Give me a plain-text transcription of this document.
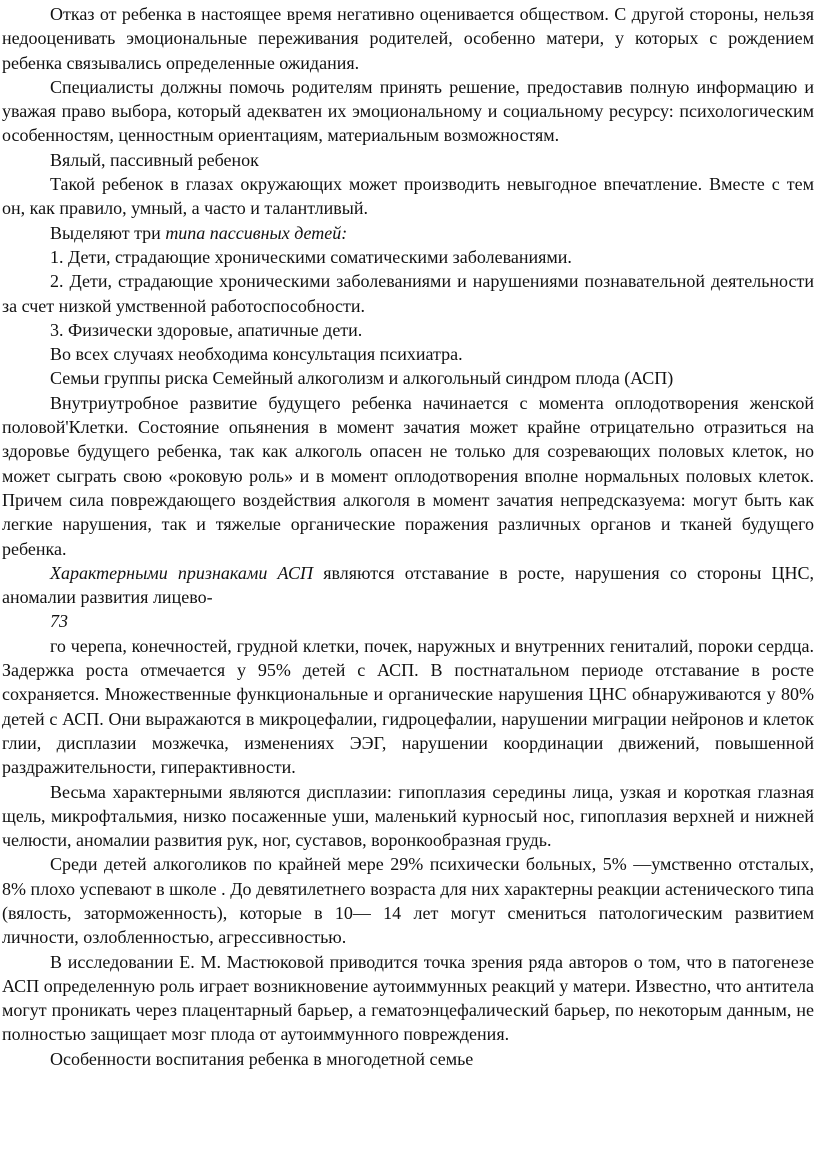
Отказ от ребенка в настоящее время негативно оценивается обществом. С другой стороны, нельзя недооценивать эмоциональные переживания родителей, особенно матери, у которых с рождением ребенка связывались определенные ожидания.

Специалисты должны помочь родителям принять решение, предоставив полную информацию и уважая право выбора, который адекватен их эмоциональному и социальному ресурсу: психологическим особенностям, ценностным ориентациям, материальным возможностям.

Вялый, пассивный ребенок

Такой ребенок в глазах окружающих может производить невыгодное впечатление. Вместе с тем он, как правило, умный, а часто и талантливый.

Выделяют три типа пассивных детей:

1. Дети, страдающие хроническими соматическими заболеваниями.

2. Дети, страдающие хроническими заболеваниями и нарушениями познавательной деятельности за счет низкой умственной работоспособности.

3. Физически здоровые, апатичные дети.

Во всех случаях необходима консультация психиатра.

Семьи группы риска Семейный алкоголизм и алкогольный синдром плода (АСП)

Внутриутробное развитие будущего ребенка начинается с момента оплодотворения женской половой'Клетки. Состояние опьянения в момент зачатия может крайне отрицательно отразиться на здоровье будущего ребенка, так как алкоголь опасен не только для созревающих половых клеток, но может сыграть свою «роковую роль» и в момент оплодотворения вполне нормальных половых клеток. Причем сила повреждающего воздействия алкоголя в момент зачатия непредсказуема: могут быть как легкие нарушения, так и тяжелые органические поражения различных органов и тканей будущего ребенка.

Характерными признаками АСП являются отставание в росте, нарушения со стороны ЦНС, аномалии развития лицево-

73

го черепа, конечностей, грудной клетки, почек, наружных и внутренних гениталий, пороки сердца. Задержка роста отмечается у 95% детей с АСП. В постнатальном периоде отставание в росте сохраняется. Множественные функциональные и органические нарушения ЦНС обнаруживаются у 80% детей с АСП. Они выражаются в микроцефалии, гидроцефалии, нарушении миграции нейронов и клеток глии, дисплазии мозжечка, изменениях ЭЭГ, нарушении координации движений, повышенной раздражительности, гиперактивности.

Весьма характерными являются дисплазии: гипоплазия середины лица, узкая и короткая глазная щель, микрофтальмия, низко посаженные уши, маленький курносый нос, гипоплазия верхней и нижней челюсти, аномалии развития рук, ног, суставов, воронкообразная грудь.

Среди детей алкоголиков по крайней мере 29% психически больных, 5% —умственно отсталых, 8% плохо успевают в школе . До девятилетнего возраста для них характерны реакции астенического типа (вялость, заторможенность), которые в 10— 14 лет могут смениться патологическим развитием личности, озлобленностью, агрессивностью.

В исследовании Е. М. Мастюковой приводится точка зрения ряда авторов о том, что в патогенезе АСП определенную роль играет возникновение аутоиммунных реакций у матери. Известно, что антитела могут проникать через плацентарный барьер, а гематоэнцефалический барьер, по некоторым данным, не полностью защищает мозг плода от аутоиммунного повреждения.

Особенности воспитания ребенка в многодетной семье
